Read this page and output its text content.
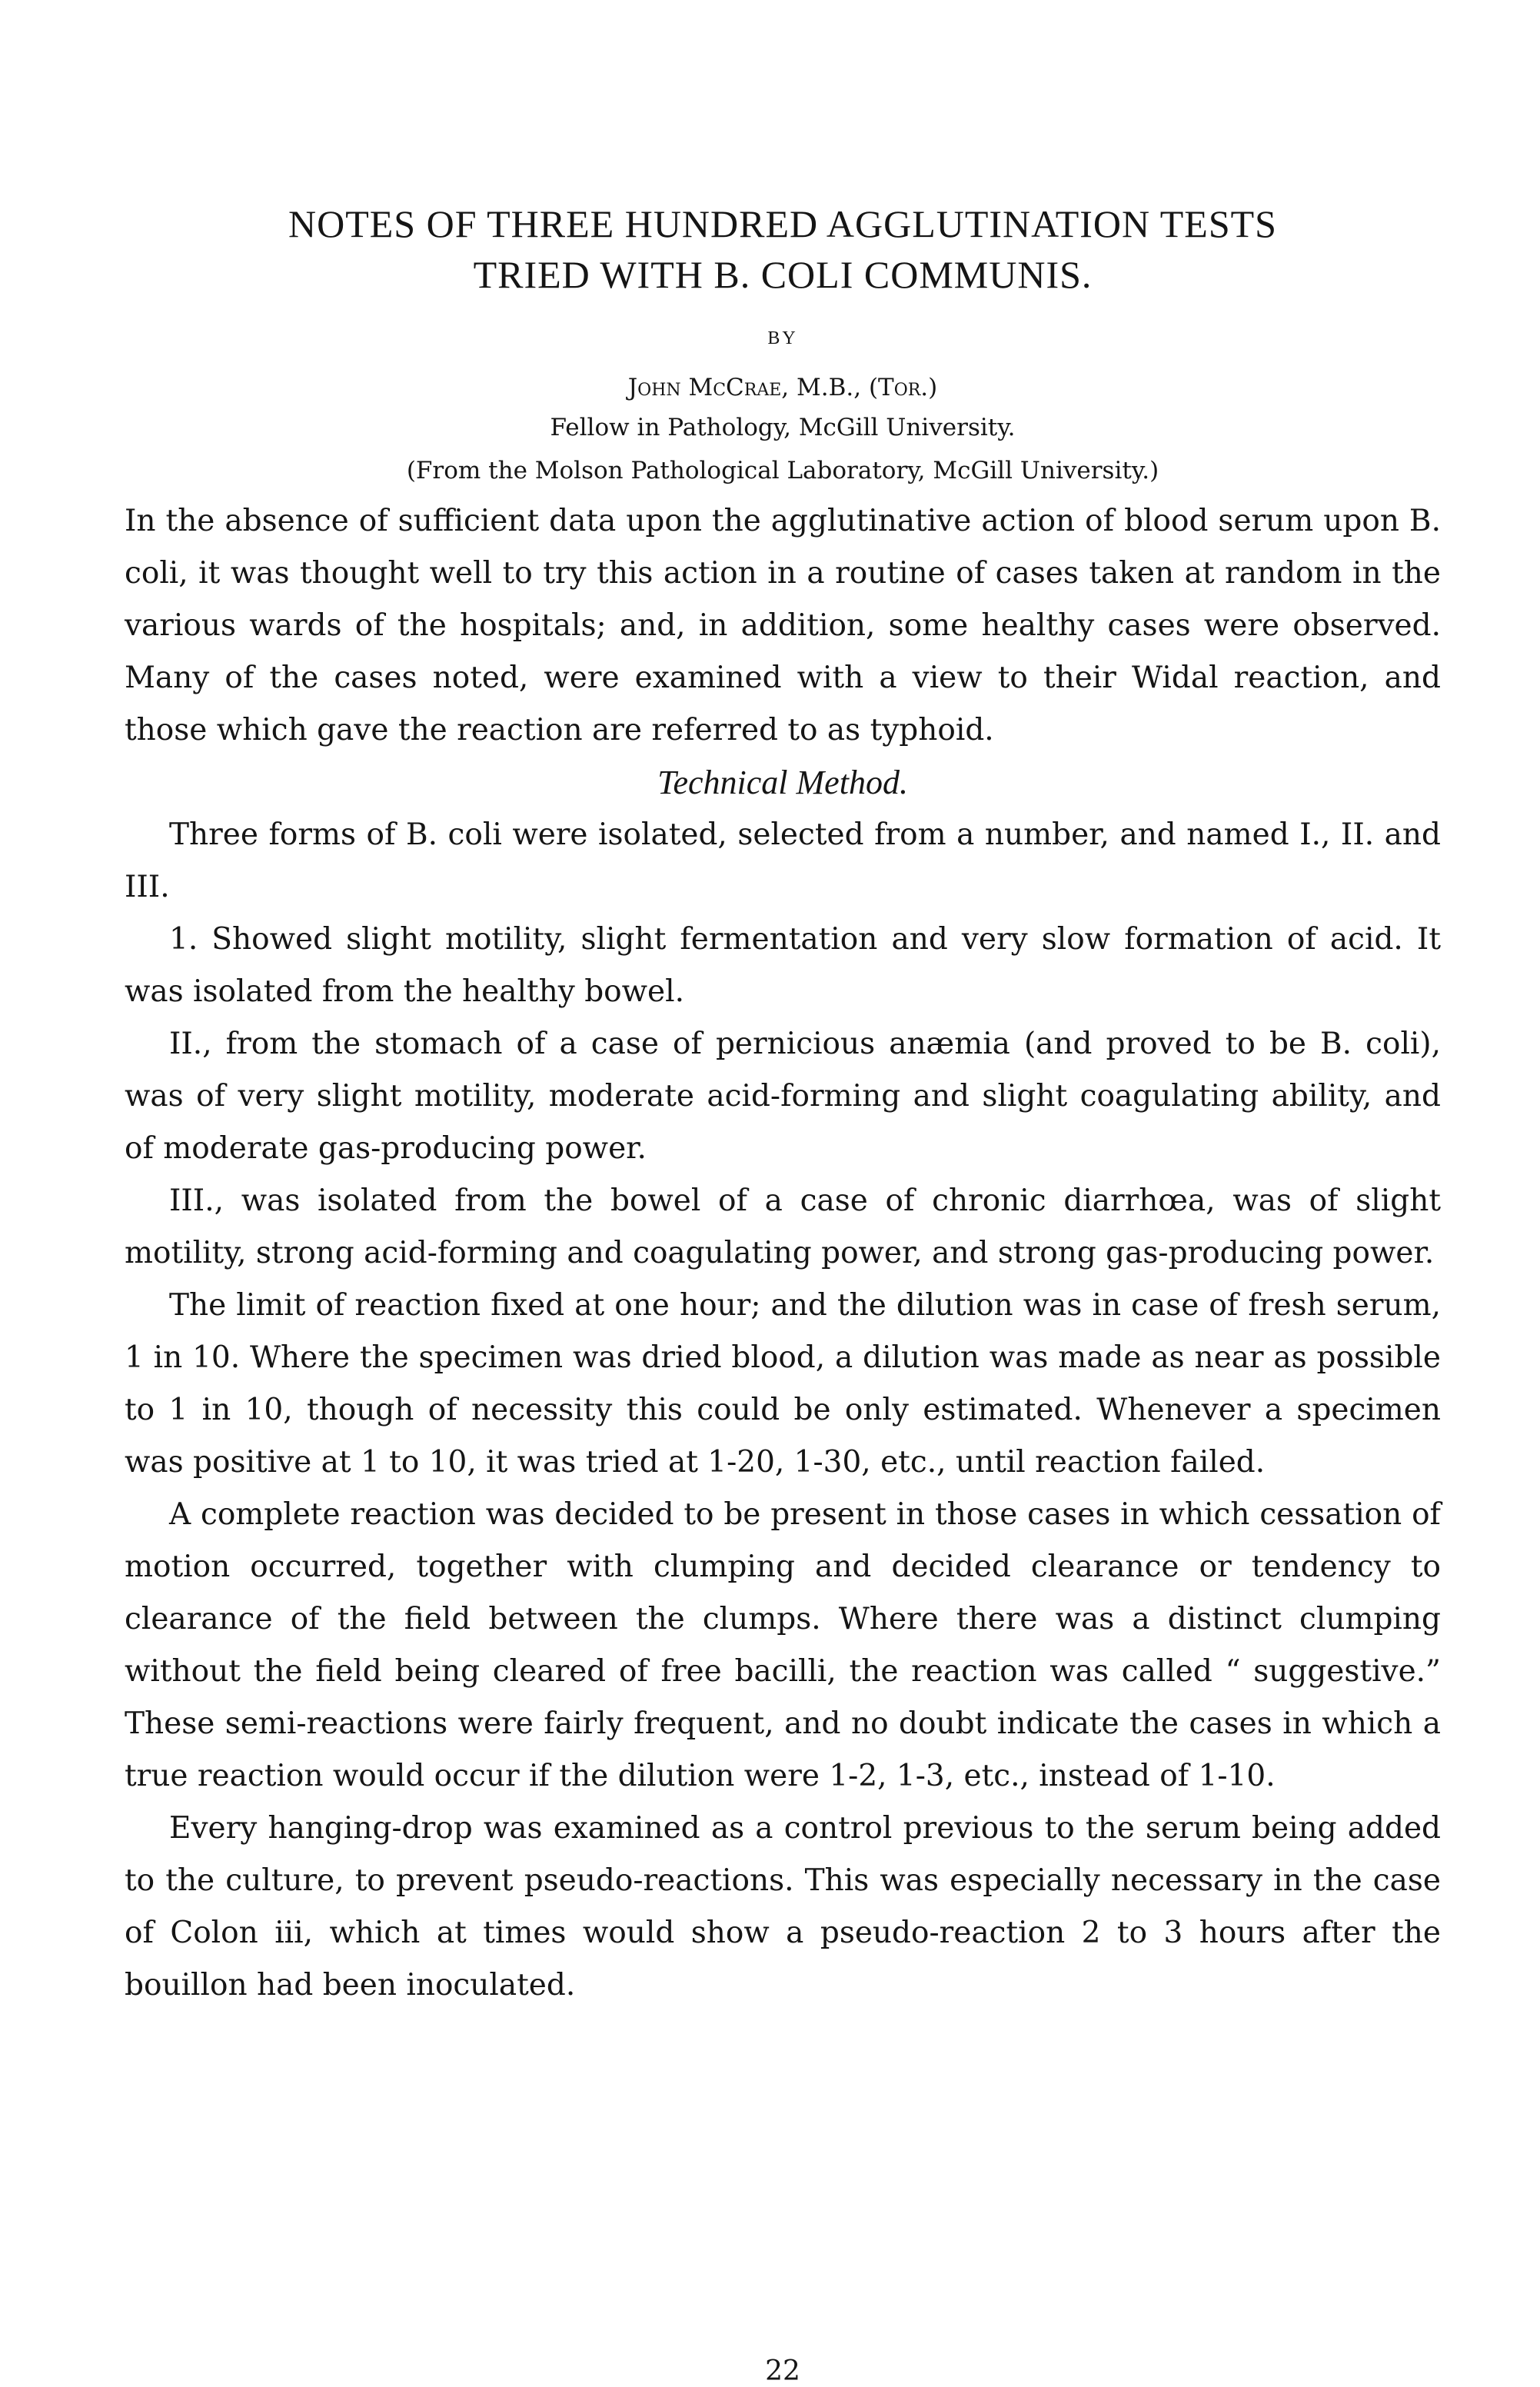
NOTES OF THREE HUNDRED AGGLUTINATION TESTS
TRIED WITH B. COLI COMMUNIS.
BY
John McCrae, M.B., (Tor.)
Fellow in Pathology, McGill University.
(From the Molson Pathological Laboratory, McGill University.)

In the absence of sufficient data upon the agglutinative action of blood serum upon B. coli, it was thought well to try this action in a routine of cases taken at random in the various wards of the hospitals; and, in addition, some healthy cases were observed. Many of the cases noted, were examined with a view to their Widal reaction, and those which gave the reaction are referred to as typhoid.

Technical Method.

Three forms of B. coli were isolated, selected from a number, and named I., II. and III.

1. Showed slight motility, slight fermentation and very slow formation of acid. It was isolated from the healthy bowel.

II., from the stomach of a case of pernicious anæmia (and proved to be B. coli), was of very slight motility, moderate acid-forming and slight coagulating ability, and of moderate gas-producing power.

III., was isolated from the bowel of a case of chronic diarrhœa, was of slight motility, strong acid-forming and coagulating power, and strong gas-producing power.

The limit of reaction fixed at one hour; and the dilution was in case of fresh serum, 1 in 10. Where the specimen was dried blood, a dilution was made as near as possible to 1 in 10, though of necessity this could be only estimated. Whenever a specimen was positive at 1 to 10, it was tried at 1-20, 1-30, etc., until reaction failed.

A complete reaction was decided to be present in those cases in which cessation of motion occurred, together with clumping and decided clearance or tendency to clearance of the field between the clumps. Where there was a distinct clumping without the field being cleared of free bacilli, the reaction was called “ suggestive.” These semi-reactions were fairly frequent, and no doubt indicate the cases in which a true reaction would occur if the dilution were 1-2, 1-3, etc., instead of 1-10.

Every hanging-drop was examined as a control previous to the serum being added to the culture, to prevent pseudo-reactions. This was especially necessary in the case of Colon iii, which at times would show a pseudo-reaction 2 to 3 hours after the bouillon had been inoculated.

22
